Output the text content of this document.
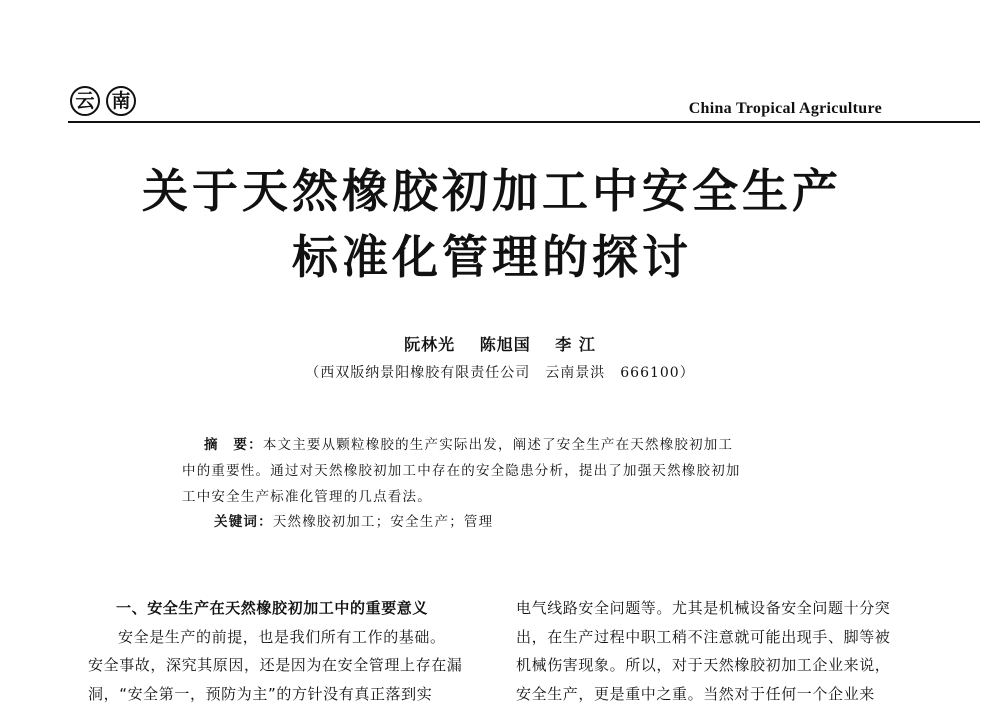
云 南	China Tropical Agriculture
关于天然橡胶初加工中安全生产
标准化管理的探讨
阮林光 陈旭国 李 江
（西双版纳景阳橡胶有限责任公司　云南景洪　666100）
摘　要：本文主要从颗粒橡胶的生产实际出发，阐述了安全生产在天然橡胶初加工
中的重要性。通过对天然橡胶初加工中存在的安全隐患分析，提出了加强天然橡胶初加
工中安全生产标准化管理的几点看法。
关键词：天然橡胶初加工；安全生产；管理
一、安全生产在天然橡胶初加工中的重要意义
安全是生产的前提，也是我们所有工作的基础。
安全事故，深究其原因，还是因为在安全管理上存在漏
洞，“安全第一，预防为主”的方针没有真正落到实
电气线路安全问题等。尤其是机械设备安全问题十分突
出，在生产过程中职工稍不注意就可能出现手、脚等被
机械伤害现象。所以，对于天然橡胶初加工企业来说，
安全生产，更是重中之重。当然对于任何一个企业来
